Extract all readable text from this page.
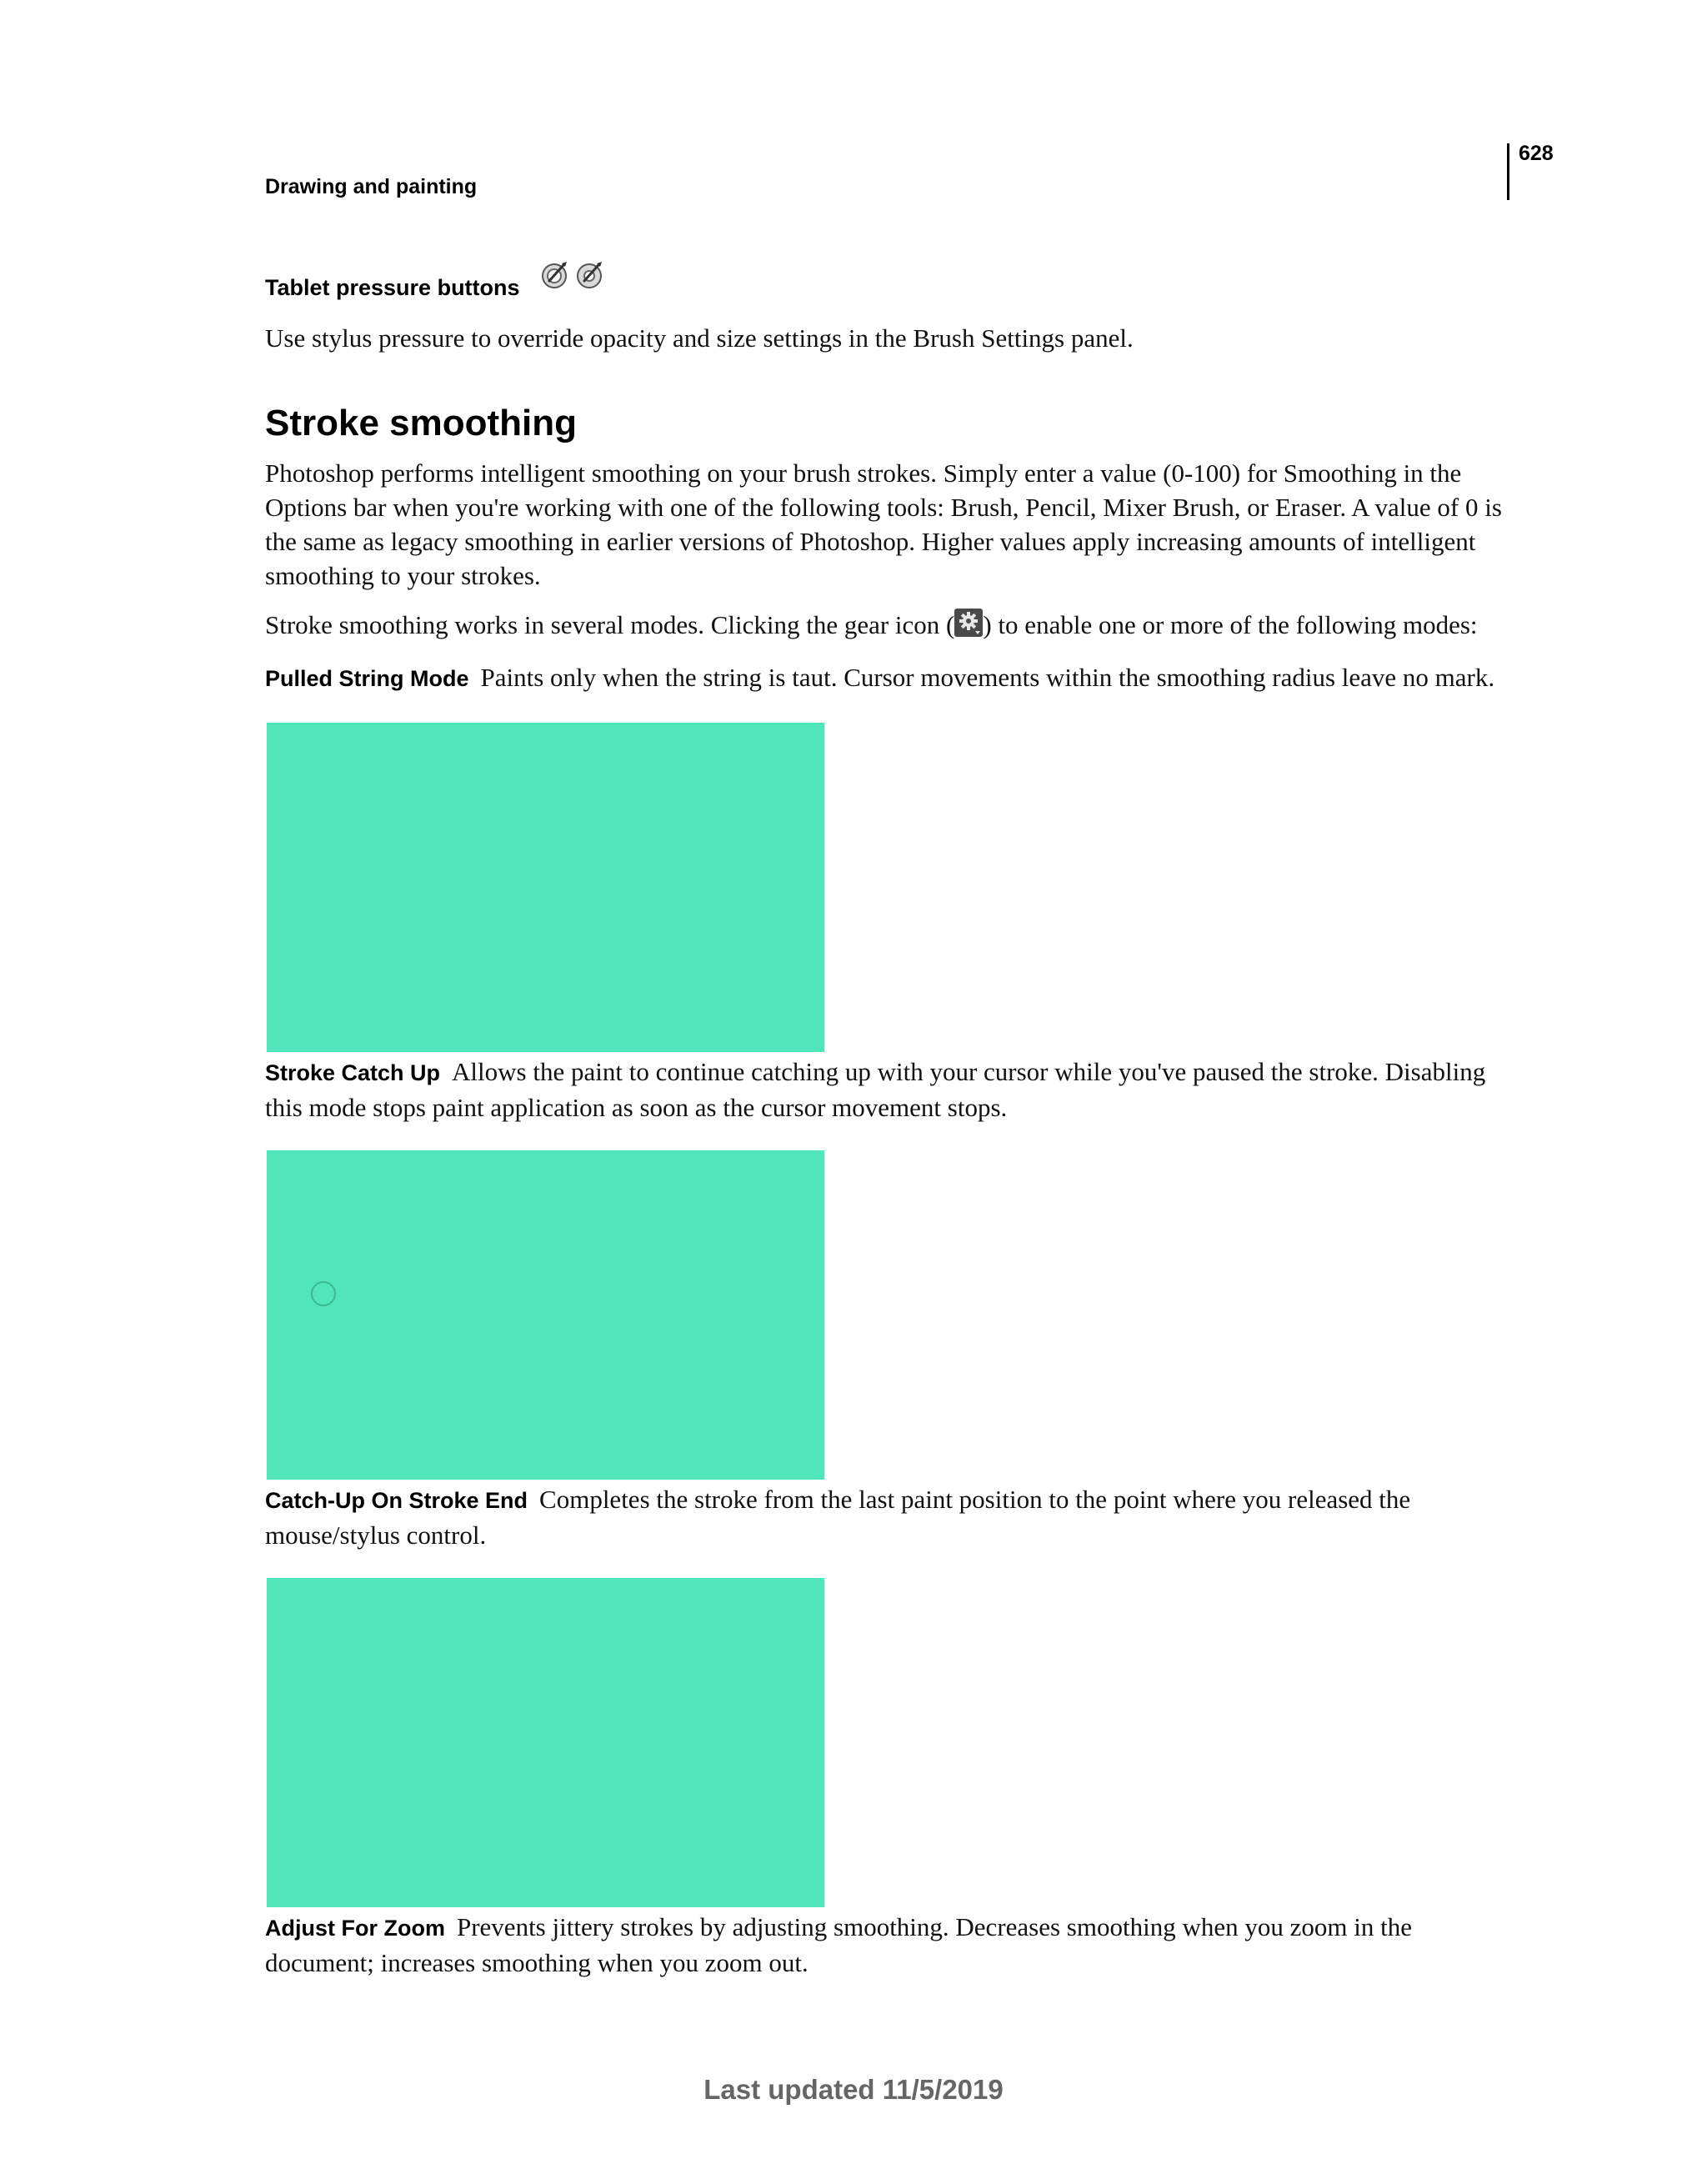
628
Drawing and painting
Tablet pressure buttons

Use stylus pressure to override opacity and size settings in the Brush Settings panel.

Stroke smoothing

Photoshop performs intelligent smoothing on your brush strokes. Simply enter a value (0-100) for Smoothing in the Options bar when you're working with one of the following tools: Brush, Pencil, Mixer Brush, or Eraser. A value of 0 is the same as legacy smoothing in earlier versions of Photoshop. Higher values apply increasing amounts of intelligent smoothing to your strokes.

Stroke smoothing works in several modes. Clicking the gear icon ( ) to enable one or more of the following modes:

Pulled String Mode Paints only when the string is taut. Cursor movements within the smoothing radius leave no mark.

Stroke Catch Up Allows the paint to continue catching up with your cursor while you've paused the stroke. Disabling this mode stops paint application as soon as the cursor movement stops.

Catch-Up On Stroke End Completes the stroke from the last paint position to the point where you released the mouse/stylus control.

Adjust For Zoom Prevents jittery strokes by adjusting smoothing. Decreases smoothing when you zoom in the document; increases smoothing when you zoom out.

Last updated 11/5/2019
